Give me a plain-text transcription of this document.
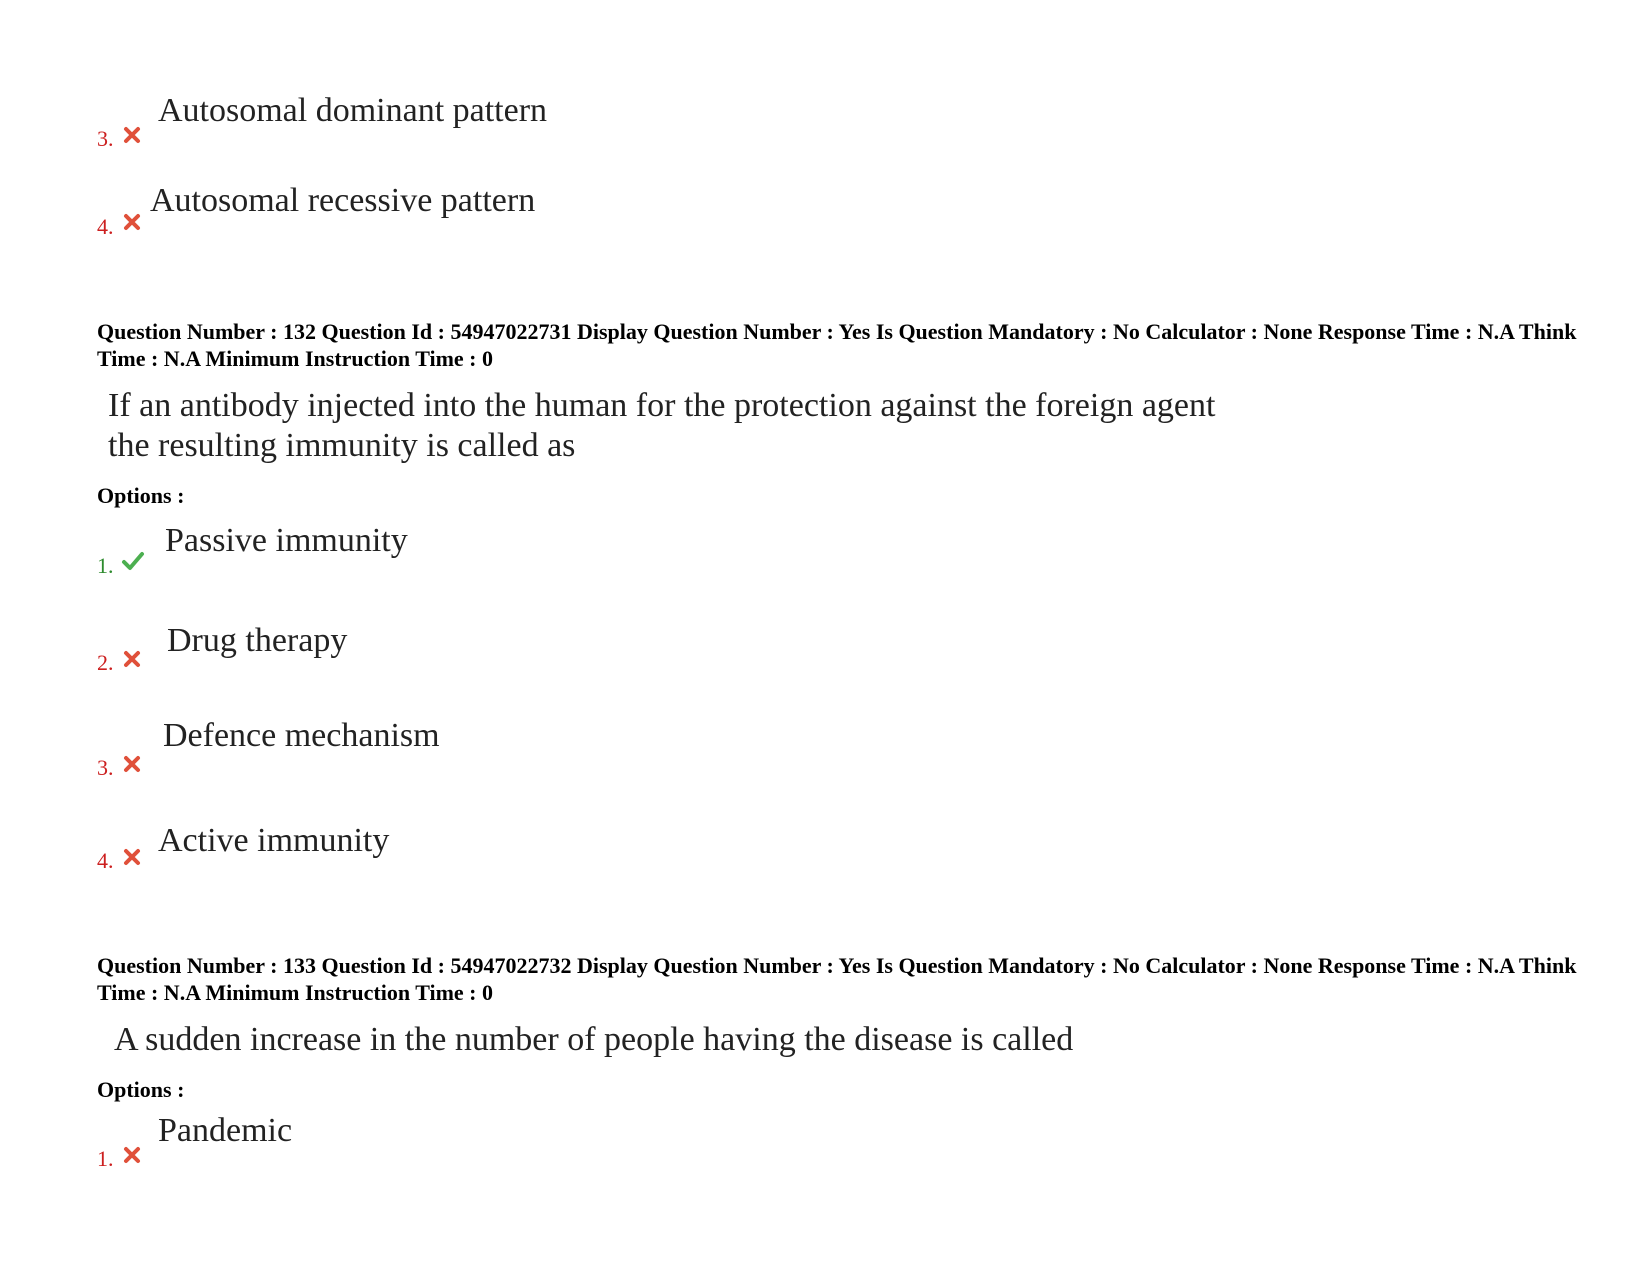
3.
Autosomal dominant pattern
4.
Autosomal recessive pattern
Question Number : 132 Question Id : 54947022731 Display Question Number : Yes Is Question Mandatory : No Calculator : None Response Time : N.A Think Time : N.A Minimum Instruction Time : 0
If an antibody injected into the human for the protection against the foreign agent
the resulting immunity is called as
Options :
1.
Passive immunity
2.
Drug therapy
3.
Defence mechanism
4.
Active immunity
Question Number : 133 Question Id : 54947022732 Display Question Number : Yes Is Question Mandatory : No Calculator : None Response Time : N.A Think Time : N.A Minimum Instruction Time : 0
A sudden increase in the number of people having the disease is called
Options :
1.
Pandemic
